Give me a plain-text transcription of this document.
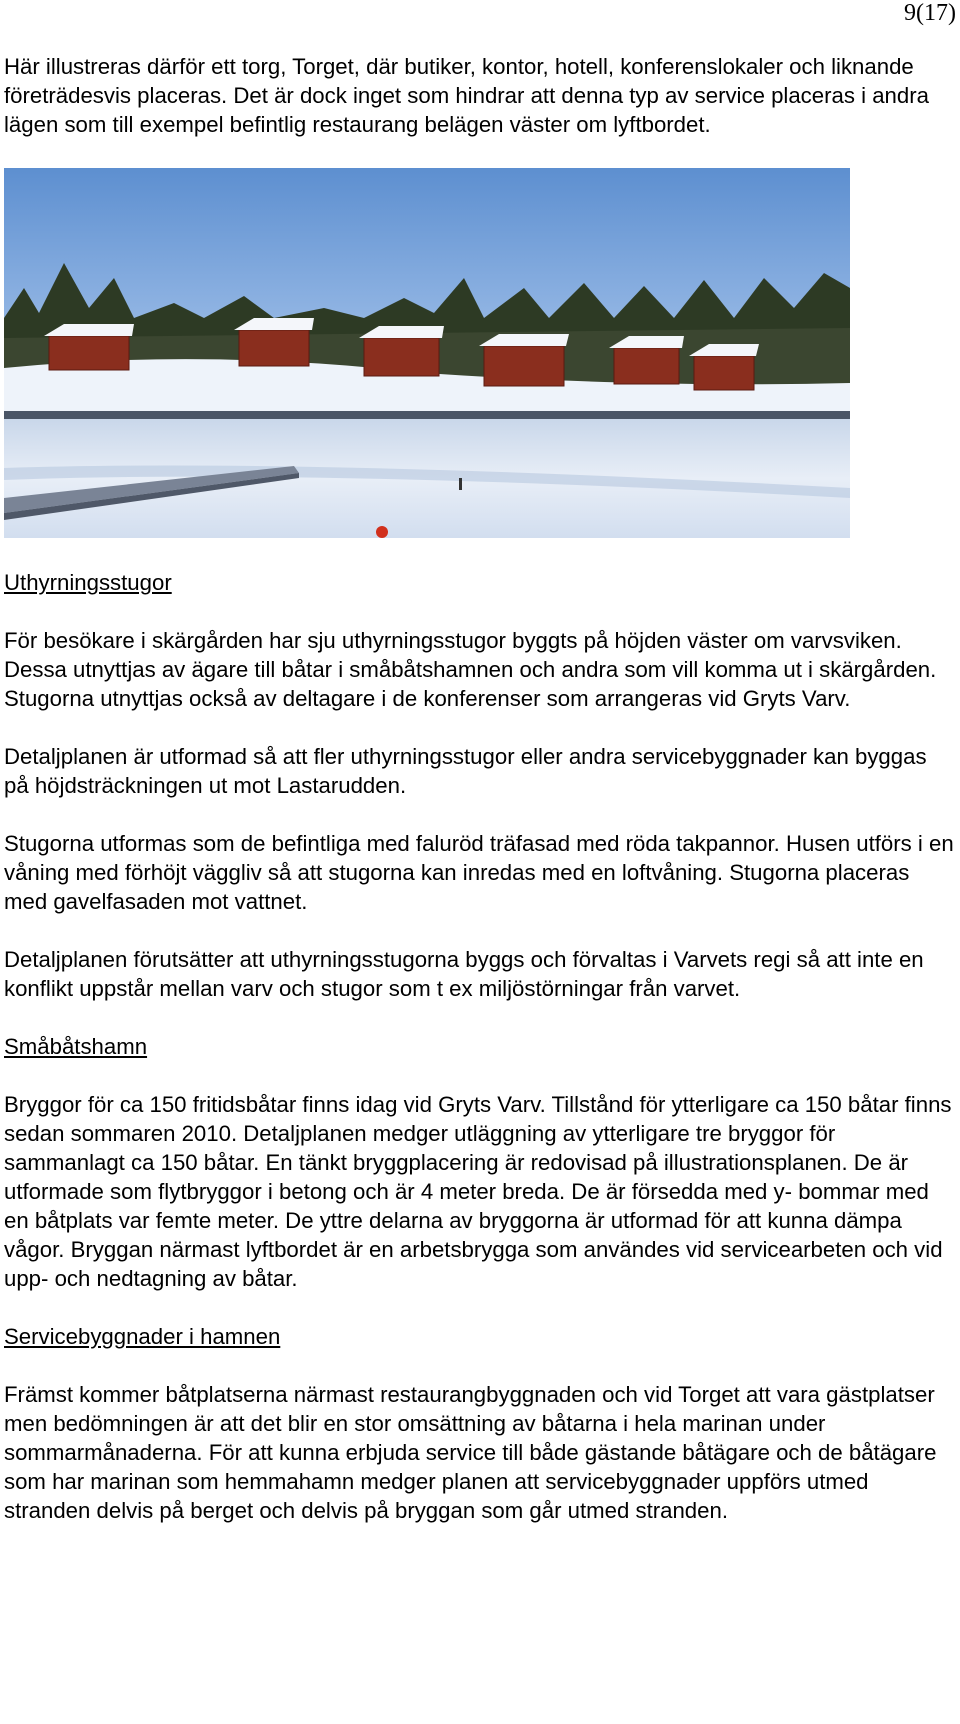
9(17)

Här illustreras därför ett torg, Torget, där butiker, kontor, hotell, konferenslokaler och liknande företrädesvis placeras. Det är dock inget som hindrar att denna typ av service placeras i andra lägen som till exempel befintlig restaurang belägen väster om lyftbordet.

Uthyrningsstugor

För besökare i skärgården har sju uthyrningsstugor byggts på höjden väster om varvsviken. Dessa utnyttjas av ägare till båtar i småbåtshamnen och andra som vill komma ut i skärgården. Stugorna utnyttjas också av deltagare i de konferenser som arrangeras vid Gryts Varv.

Detaljplanen är utformad så att fler uthyrningsstugor eller andra servicebyggnader kan byggas på höjdsträckningen ut mot Lastarudden.

Stugorna utformas som de befintliga med faluröd träfasad med röda takpannor. Husen utförs i en våning med förhöjt väggliv så att stugorna kan inredas med en loftvåning. Stugorna placeras med gavelfasaden mot vattnet.

Detaljplanen förutsätter att uthyrningsstugorna byggs och förvaltas i Varvets regi så att inte en konflikt uppstår mellan varv och stugor som t ex miljöstörningar från varvet.

Småbåtshamn

Bryggor för ca 150 fritidsbåtar finns idag vid Gryts Varv. Tillstånd för ytterligare ca 150 båtar finns sedan sommaren 2010. Detaljplanen medger utläggning av ytterligare tre bryggor för sammanlagt ca 150 båtar. En tänkt bryggplacering är redovisad på illustrationsplanen. De är utformade som flytbryggor i betong och är 4 meter breda. De är försedda med y- bommar med en båtplats var femte meter. De yttre delarna av bryggorna är utformad för att kunna dämpa vågor. Bryggan närmast lyftbordet är en arbetsbrygga som användes vid servicearbeten och vid upp- och nedtagning av båtar.

Servicebyggnader i hamnen

Främst kommer båtplatserna närmast restaurangbyggnaden och vid Torget att vara gästplatser men bedömningen är att det blir en stor omsättning av båtarna i hela marinan under sommarmånaderna. För att kunna erbjuda service till både gästande båtägare och de båtägare som har marinan som hemmahamn medger planen att servicebyggnader uppförs utmed stranden delvis på berget och delvis på bryggan som går utmed stranden.
